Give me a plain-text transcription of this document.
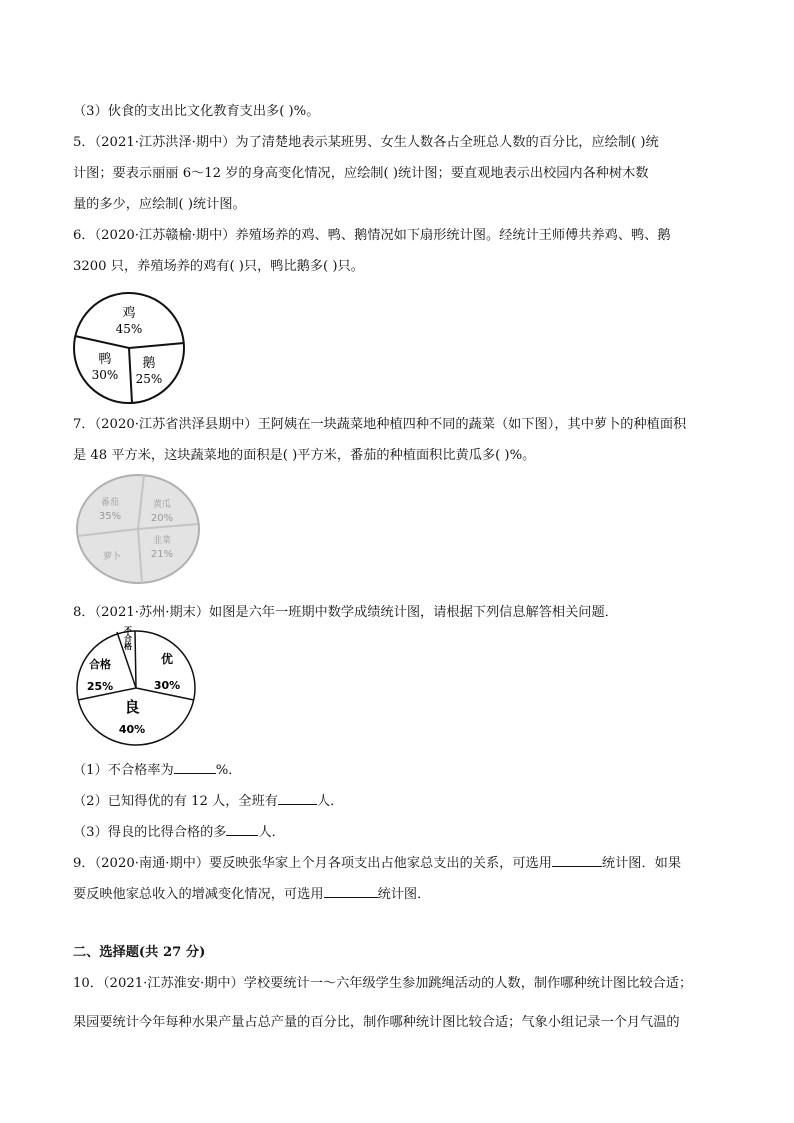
（3）伙食的支出比文化教育支出多( )%。
5．（2021·江苏洪泽·期中）为了清楚地表示某班男、女生人数各占全班总人数的百分比，应绘制( )统
计图；要表示丽丽 6～12 岁的身高变化情况，应绘制( )统计图；要直观地表示出校园内各种树木数
量的多少，应绘制( )统计图。
6．（2020·江苏赣榆·期中）养殖场养的鸡、鸭、鹅情况如下扇形统计图。经统计王师傅共养鸡、鸭、鹅
3200 只，养殖场养的鸡有( )只，鸭比鹅多( )只。
鸡
45%
鸭
30%
鹅
25%
7．（2020·江苏省洪泽县期中）王阿姨在一块蔬菜地种植四种不同的蔬菜（如下图），其中萝卜的种植面积
是 48 平方米，这块蔬菜地的面积是( )平方米，番茄的种植面积比黄瓜多( )%。
番茄
35%
黄瓜
20%
韭菜
21%
萝卜
8．（2021·苏州·期末）如图是六年一班期中数学成绩统计图，请根据下列信息解答相关问题．
不合格
优
30%
合格
25%
良
40%
（1）不合格率为	%．
（2）已知得优的有 12 人，全班有	人．
（3）得良的比得合格的多 人．
9．（2020·南通·期中）要反映张华家上个月各项支出占他家总支出的关系，可选用	统计图．如果
要反映他家总收入的增减变化情况，可选用	统计图．
二、选择题(共 27 分)
10．（2021·江苏淮安·期中）学校要统计一～六年级学生参加跳绳活动的人数，制作哪种统计图比较合适；
果园要统计今年每种水果产量占总产量的百分比，制作哪种统计图比较合适；气象小组记录一个月气温的
